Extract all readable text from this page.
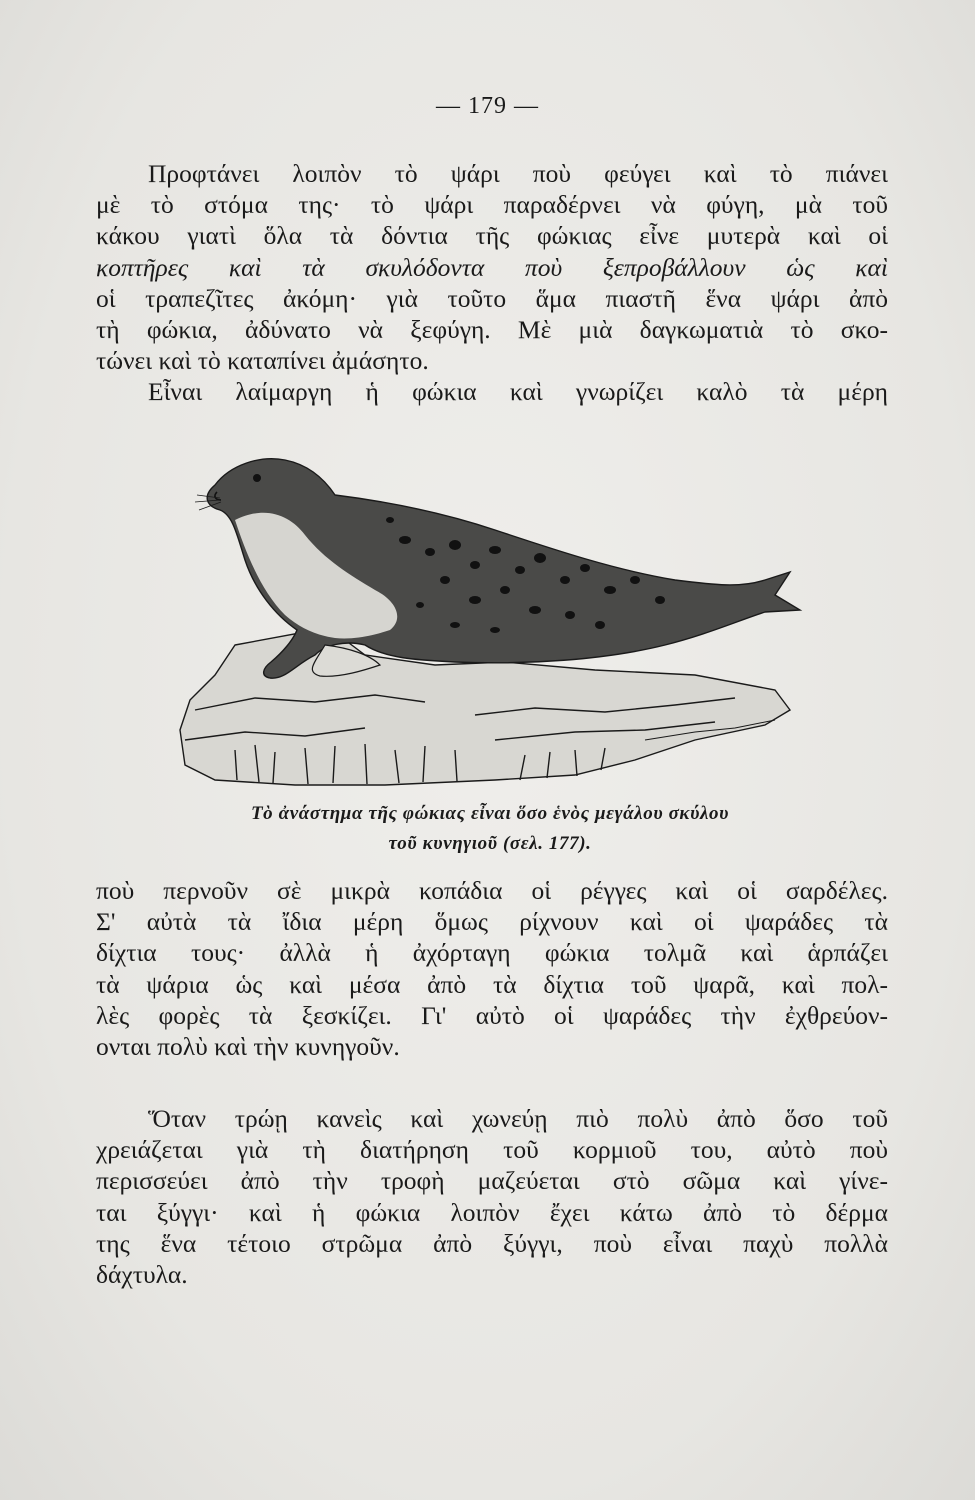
— 179 —
Προφτάνει λοιπὸν τὸ ψάρι ποὺ φεύγει καὶ τὸ πιάνει
μὲ τὸ στόμα της· τὸ ψάρι παραδέρνει νὰ φύγη, μὰ τοῦ
κάκου γιατὶ ὅλα τὰ δόντια τῆς φώκιας εἶνε μυτερὰ καὶ οἱ
κοπτῆρες καὶ τὰ σκυλόδοντα ποὺ ξεπροβάλλουν ὡς καὶ
οἱ τραπεζῖτες ἀκόμη· γιὰ τοῦτο ἅμα πιαστῆ ἕνα ψάρι ἀπὸ
τὴ φώκια, ἀδύνατο νὰ ξεφύγη. Μὲ μιὰ δαγκωματιὰ τὸ σκο-
τώνει καὶ τὸ καταπίνει ἀμάσητο.
Εἶναι λαίμαργη ἡ φώκια καὶ γνωρίζει καλὸ τὰ μέρη
Τὸ ἀνάστημα τῆς φώκιας εἶναι ὅσο ἑνὸς μεγάλου σκύλου
τοῦ κυνηγιοῦ (σελ. 177).
ποὺ περνοῦν σὲ μικρὰ κοπάδια οἱ ρέγγες καὶ οἱ σαρδέλες.
Σ' αὐτὰ τὰ ἴδια μέρη ὅμως ρίχνουν καὶ οἱ ψαράδες τὰ
δίχτια τους· ἀλλὰ ἡ ἀχόρταγη φώκια τολμᾶ καὶ ἁρπάζει
τὰ ψάρια ὡς καὶ μέσα ἀπὸ τὰ δίχτια τοῦ ψαρᾶ, καὶ πολ-
λὲς φορὲς τὰ ξεσκίζει. Γι' αὐτὸ οἱ ψαράδες τὴν ἐχθρεύον-
ονται πολὺ καὶ τὴν κυνηγοῦν.
Ὅταν τρώῃ κανεὶς καὶ χωνεύῃ πιὸ πολὺ ἀπὸ ὅσο τοῦ
χρειάζεται γιὰ τὴ διατήρηση τοῦ κορμιοῦ του, αὐτὸ ποὺ
περισσεύει ἀπὸ τὴν τροφὴ μαζεύεται στὸ σῶμα καὶ γίνε-
ται ξύγγι· καὶ ἡ φώκια λοιπὸν ἔχει κάτω ἀπὸ τὸ δέρμα
της ἕνα τέτοιο στρῶμα ἀπὸ ξύγγι, ποὺ εἶναι παχὺ πολλὰ
δάχτυλα.
